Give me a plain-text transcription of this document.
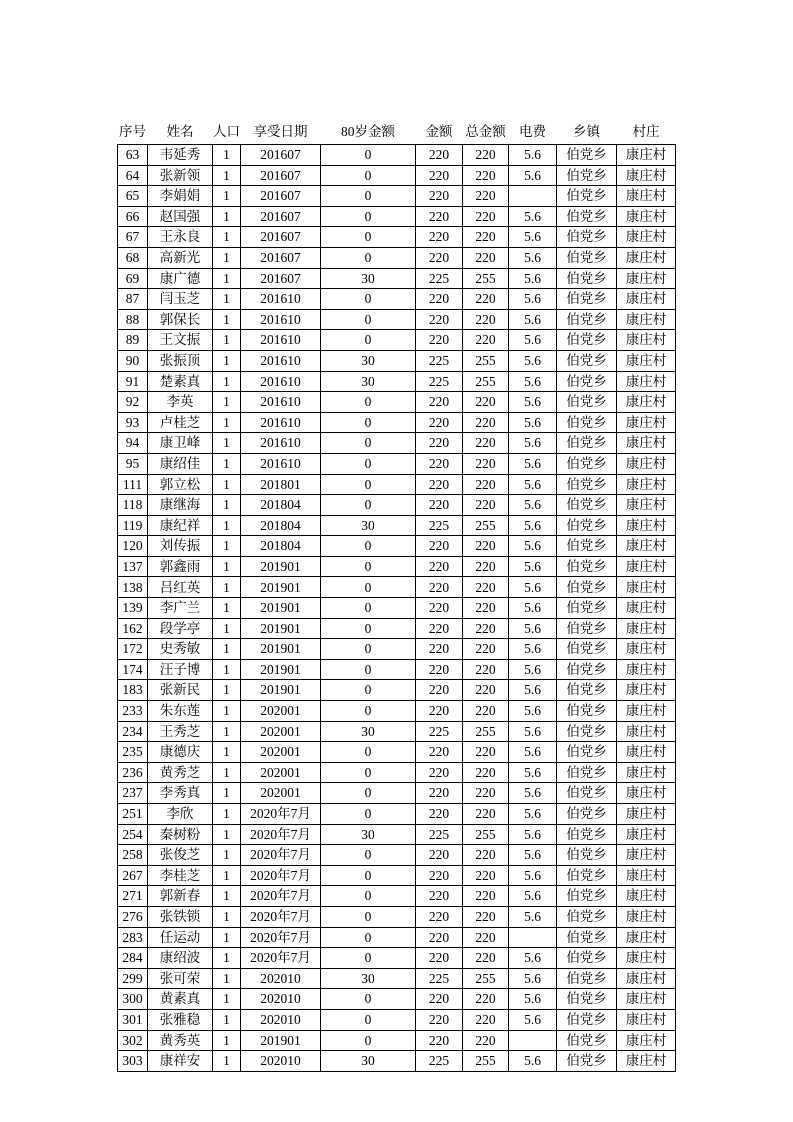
序号	姓名	人口	享受日期	80岁金额	金额	总金额	电费	乡镇	村庄
63	韦延秀	1	201607	0	220	220	5.6	伯党乡	康庄村
64	张新领	1	201607	0	220	220	5.6	伯党乡	康庄村
65	李娟娟	1	201607	0	220	220		伯党乡	康庄村
66	赵国强	1	201607	0	220	220	5.6	伯党乡	康庄村
67	王永良	1	201607	0	220	220	5.6	伯党乡	康庄村
68	高新光	1	201607	0	220	220	5.6	伯党乡	康庄村
69	康广德	1	201607	30	225	255	5.6	伯党乡	康庄村
87	闫玉芝	1	201610	0	220	220	5.6	伯党乡	康庄村
88	郭保长	1	201610	0	220	220	5.6	伯党乡	康庄村
89	王文振	1	201610	0	220	220	5.6	伯党乡	康庄村
90	张振顶	1	201610	30	225	255	5.6	伯党乡	康庄村
91	楚素真	1	201610	30	225	255	5.6	伯党乡	康庄村
92	李英	1	201610	0	220	220	5.6	伯党乡	康庄村
93	卢桂芝	1	201610	0	220	220	5.6	伯党乡	康庄村
94	康卫峰	1	201610	0	220	220	5.6	伯党乡	康庄村
95	康绍佳	1	201610	0	220	220	5.6	伯党乡	康庄村
111	郭立松	1	201801	0	220	220	5.6	伯党乡	康庄村
118	康继海	1	201804	0	220	220	5.6	伯党乡	康庄村
119	康纪祥	1	201804	30	225	255	5.6	伯党乡	康庄村
120	刘传振	1	201804	0	220	220	5.6	伯党乡	康庄村
137	郭鑫雨	1	201901	0	220	220	5.6	伯党乡	康庄村
138	吕红英	1	201901	0	220	220	5.6	伯党乡	康庄村
139	李广兰	1	201901	0	220	220	5.6	伯党乡	康庄村
162	段学亭	1	201901	0	220	220	5.6	伯党乡	康庄村
172	史秀敏	1	201901	0	220	220	5.6	伯党乡	康庄村
174	汪子博	1	201901	0	220	220	5.6	伯党乡	康庄村
183	张新民	1	201901	0	220	220	5.6	伯党乡	康庄村
233	朱东莲	1	202001	0	220	220	5.6	伯党乡	康庄村
234	王秀芝	1	202001	30	225	255	5.6	伯党乡	康庄村
235	康德庆	1	202001	0	220	220	5.6	伯党乡	康庄村
236	黄秀芝	1	202001	0	220	220	5.6	伯党乡	康庄村
237	李秀真	1	202001	0	220	220	5.6	伯党乡	康庄村
251	李欣	1	2020年7月	0	220	220	5.6	伯党乡	康庄村
254	秦树粉	1	2020年7月	30	225	255	5.6	伯党乡	康庄村
258	张俊芝	1	2020年7月	0	220	220	5.6	伯党乡	康庄村
267	李桂芝	1	2020年7月	0	220	220	5.6	伯党乡	康庄村
271	郭新春	1	2020年7月	0	220	220	5.6	伯党乡	康庄村
276	张铁锁	1	2020年7月	0	220	220	5.6	伯党乡	康庄村
283	任运动	1	2020年7月	0	220	220		伯党乡	康庄村
284	康绍波	1	2020年7月	0	220	220	5.6	伯党乡	康庄村
299	张可荣	1	202010	30	225	255	5.6	伯党乡	康庄村
300	黄素真	1	202010	0	220	220	5.6	伯党乡	康庄村
301	张雅稳	1	202010	0	220	220	5.6	伯党乡	康庄村
302	黄秀英	1	201901	0	220	220		伯党乡	康庄村
303	康祥安	1	202010	30	225	255	5.6	伯党乡	康庄村
